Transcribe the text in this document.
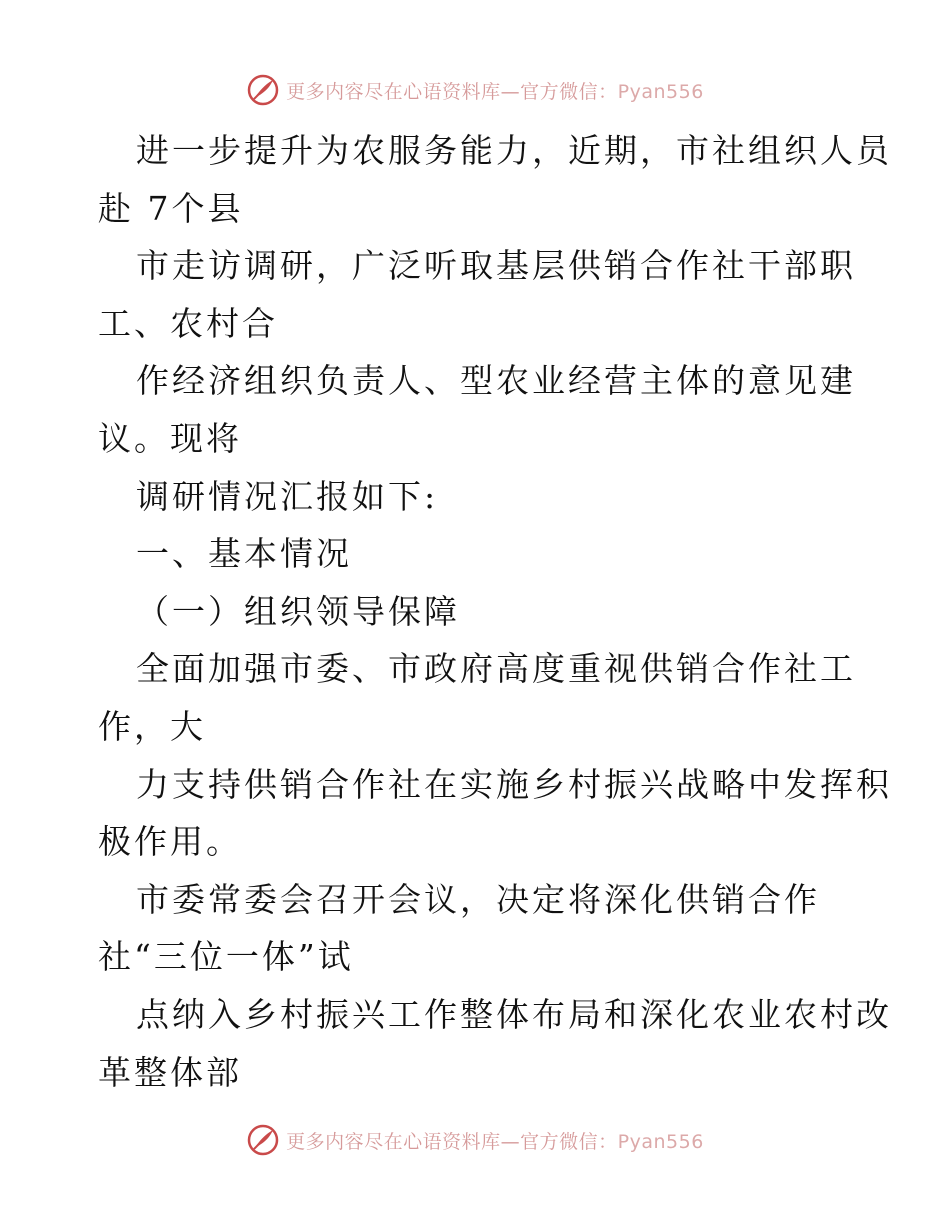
更多内容尽在心语资料库—官方微信：Pyan556
进一步提升为农服务能力，近期，市社组织人员
赴 7个县
市走访调研，广泛听取基层供销合作社干部职
工、农村合
作经济组织负责人、型农业经营主体的意见建
议。现将
调研情况汇报如下:
一、基本情况
（一）组织领导保障
全面加强市委、市政府高度重视供销合作社工
作，大
力支持供销合作社在实施乡村振兴战略中发挥积
极作用。
市委常委会召开会议，决定将深化供销合作
社“三位一体”试
点纳入乡村振兴工作整体布局和深化农业农村改
革整体部
更多内容尽在心语资料库—官方微信：Pyan556
